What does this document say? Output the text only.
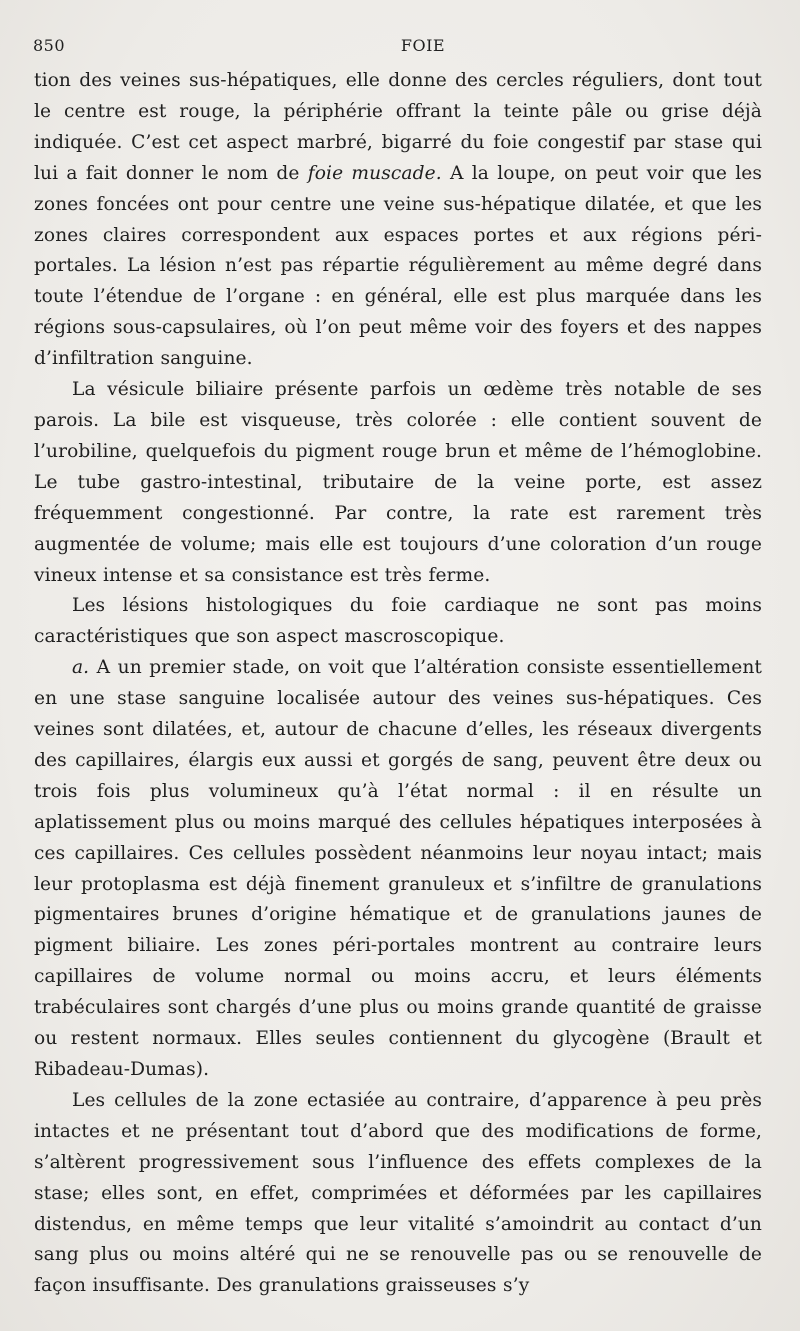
850	FOIE

tion des veines sus-hépatiques, elle donne des cercles réguliers, dont tout le centre est rouge, la périphérie offrant la teinte pâle ou grise déjà indiquée. C’est cet aspect marbré, bigarré du foie congestif par stase qui lui a fait donner le nom de foie muscade. A la loupe, on peut voir que les zones foncées ont pour centre une veine sus-hépatique dilatée, et que les zones claires correspondent aux espaces portes et aux régions péri-portales. La lésion n’est pas répartie régulièrement au même degré dans toute l’étendue de l’organe : en général, elle est plus marquée dans les régions sous-capsulaires, où l’on peut même voir des foyers et des nappes d’infiltration sanguine.

La vésicule biliaire présente parfois un œdème très notable de ses parois. La bile est visqueuse, très colorée : elle contient souvent de l’urobiline, quelquefois du pigment rouge brun et même de l’hémoglobine. Le tube gastro-intestinal, tributaire de la veine porte, est assez fréquemment congestionné. Par contre, la rate est rarement très augmentée de volume; mais elle est toujours d’une coloration d’un rouge vineux intense et sa consistance est très ferme.

Les lésions histologiques du foie cardiaque ne sont pas moins caractéristiques que son aspect mascroscopique.

a. A un premier stade, on voit que l’altération consiste essentiellement en une stase sanguine localisée autour des veines sus-hépatiques. Ces veines sont dilatées, et, autour de chacune d’elles, les réseaux divergents des capillaires, élargis eux aussi et gorgés de sang, peuvent être deux ou trois fois plus volumineux qu’à l’état normal : il en résulte un aplatissement plus ou moins marqué des cellules hépatiques interposées à ces capillaires. Ces cellules possèdent néanmoins leur noyau intact; mais leur protoplasma est déjà finement granuleux et s’infiltre de granulations pigmentaires brunes d’origine hématique et de granulations jaunes de pigment biliaire. Les zones péri-portales montrent au contraire leurs capillaires de volume normal ou moins accru, et leurs éléments trabéculaires sont chargés d’une plus ou moins grande quantité de graisse ou restent normaux. Elles seules contiennent du glycogène (Brault et Ribadeau-Dumas).

Les cellules de la zone ectasiée au contraire, d’apparence à peu près intactes et ne présentant tout d’abord que des modifications de forme, s’altèrent progressivement sous l’influence des effets complexes de la stase; elles sont, en effet, comprimées et déformées par les capillaires distendus, en même temps que leur vitalité s’amoindrit au contact d’un sang plus ou moins altéré qui ne se renouvelle pas ou se renouvelle de façon insuffisante. Des granulations graisseuses s’y
